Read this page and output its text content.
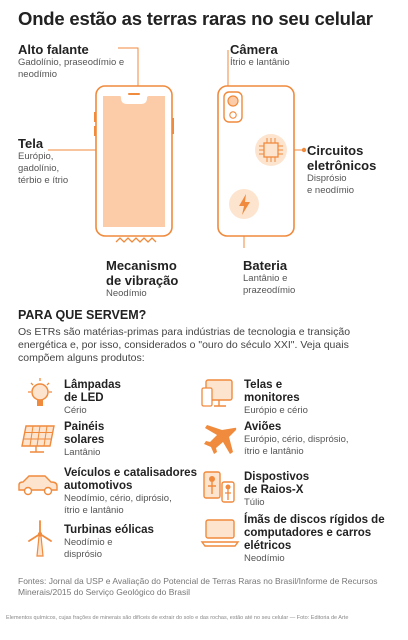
Onde estão as terras raras no seu celular
Alto falante
Gadolínio, praseodímio e neodímio
Tela
Európio,
gadolínio,
térbio e ítrio
Mecanismo
de vibração
Neodímio
Câmera
Ítrio e lantânio
Circuitos
eletrônicos
Disprósio
e neodímio
Bateria
Lantânio e
prazeodímio
PARA QUE SERVEM?
Os ETRs são matérias-primas para indústrias de tecnologia e transição energética e, por isso, considerados o "ouro do século XXI". Veja quais compõem alguns produtos:
Lâmpadas
de LED
Cério
Painéis
solares
Lantânio
Veículos e catalisadores
automotivos
Neodímio, cério, diprósio,
ítrio e lantânio
Turbinas eólicas
Neodímio e
disprósio
Telas e
monitores
Európio e cério
Aviões
Európio, cério, disprósio,
ítrio e lantânio
Dispostivos
de Raios-X
Túlio
Ímãs de discos rígidos de
computadores e carros
elétricos
Neodímio
Fontes: Jornal da USP e Avaliação do Potencial de Terras Raras no Brasil/Informe de Recursos Minerais/2015 do Serviço Geológico do Brasil
Elementos químicos, cujas frações de minerais são difíceis de extrair do solo e das rochas, estão até no seu celular — Foto: Editoria de Arte
